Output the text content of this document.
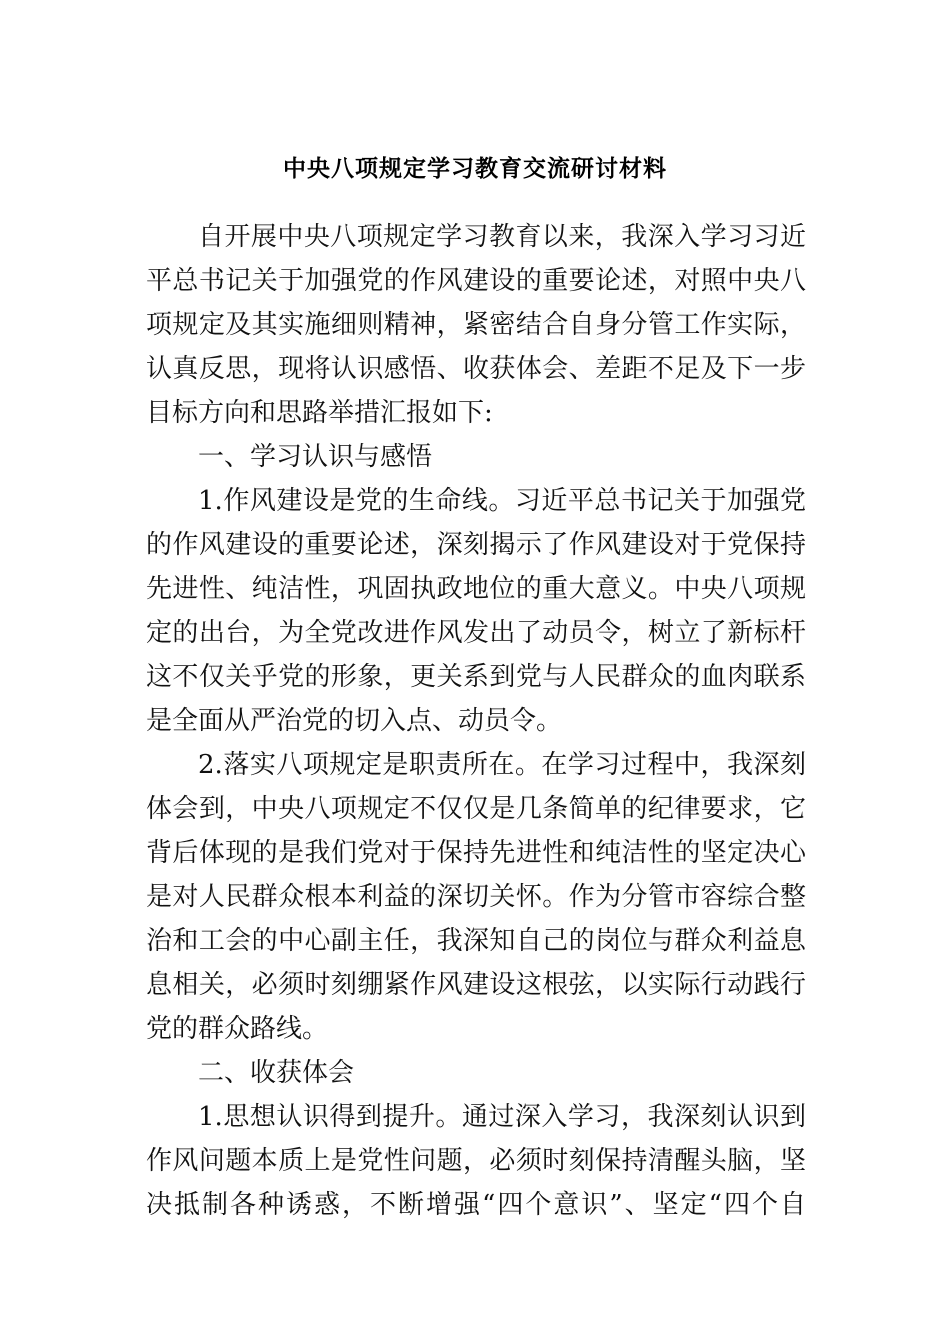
中央八项规定学习教育交流研讨材料
自开展中央八项规定学习教育以来，我深入学习习近
平总书记关于加强党的作风建设的重要论述，对照中央八
项规定及其实施细则精神，紧密结合自身分管工作实际，
认真反思，现将认识感悟、收获体会、差距不足及下一步
目标方向和思路举措汇报如下:
一、学习认识与感悟
1.作风建设是党的生命线。习近平总书记关于加强党
的作风建设的重要论述，深刻揭示了作风建设对于党保持
先进性、纯洁性，巩固执政地位的重大意义。中央八项规
定的出台，为全党改进作风发出了动员令，树立了新标杆
这不仅关乎党的形象，更关系到党与人民群众的血肉联系
是全面从严治党的切入点、动员令。
2.落实八项规定是职责所在。在学习过程中，我深刻
体会到，中央八项规定不仅仅是几条简单的纪律要求，它
背后体现的是我们党对于保持先进性和纯洁性的坚定决心
是对人民群众根本利益的深切关怀。作为分管市容综合整
治和工会的中心副主任，我深知自己的岗位与群众利益息
息相关，必须时刻绷紧作风建设这根弦，以实际行动践行
党的群众路线。
二、收获体会
1.思想认识得到提升。通过深入学习，我深刻认识到
作风问题本质上是党性问题，必须时刻保持清醒头脑，坚
决抵制各种诱惑，不断增强“四个意识”、坚定“四个自
